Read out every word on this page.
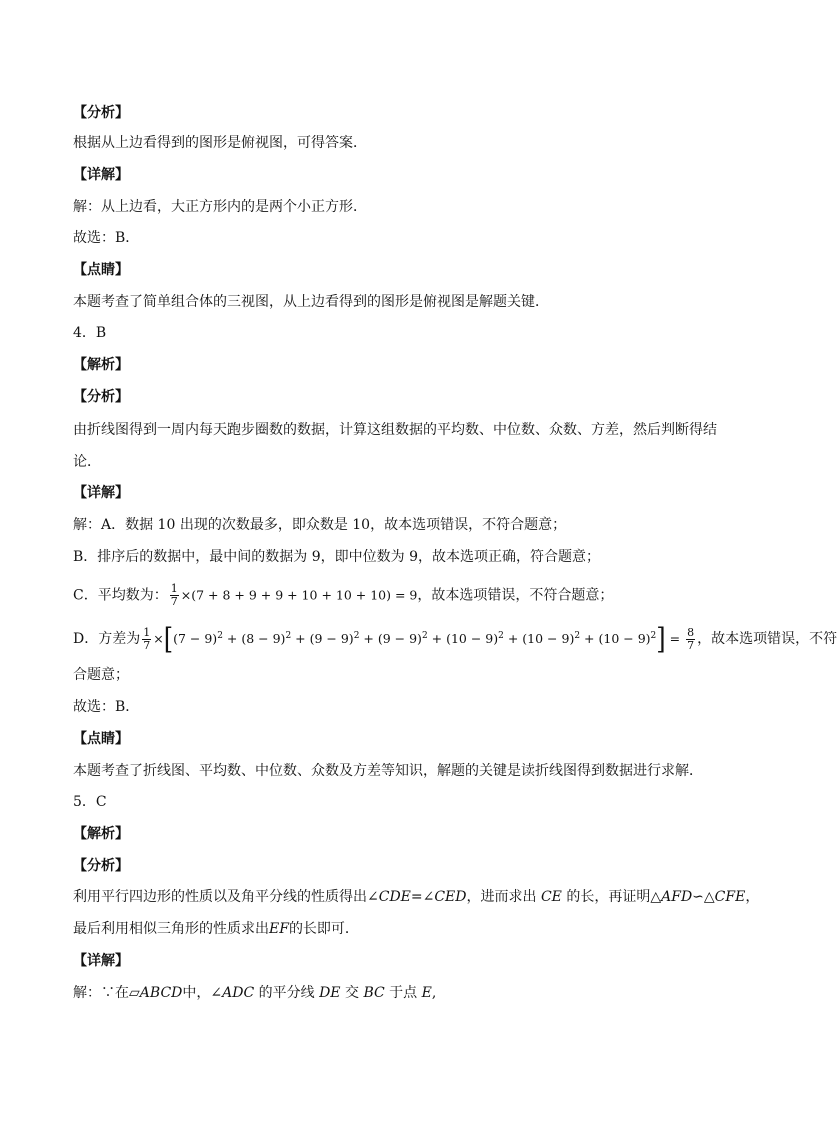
【分析】
根据从上边看得到的图形是俯视图，可得答案．
【详解】
解：从上边看，大正方形内的是两个小正方形．
故选：B．
【点睛】
本题考查了简单组合体的三视图，从上边看得到的图形是俯视图是解题关键．
4．B
【解析】
【分析】
由折线图得到一周内每天跑步圈数的数据，计算这组数据的平均数、中位数、众数、方差，然后判断得结
论．
【详解】
解：A．数据 10 出现的次数最多，即众数是 10，故本选项错误，不符合题意；
B．排序后的数据中，最中间的数据为 9，即中位数为 9，故本选项正确，符合题意；
C．平均数为： $\frac{1}{7} \times(7 + 8 + 9 + 9 + 10 + 10 + 10) = 9$，故本选项错误，不符合题意；
D．方差为 $\frac{1}{7} \times[(7 - 9)^2 + (8 - 9)^2 + (9 - 9)^2 + (9 - 9)^2 + (10 - 9)^2 + (10 - 9)^2 + (10 - 9)^2] = \frac{8}{7}$ ，故本选项错误，不符
合题意；
故选：B．
【点睛】
本题考查了折线图、平均数、中位数、众数及方差等知识，解题的关键是读折线图得到数据进行求解．
5．C
【解析】
【分析】
利用平行四边形的性质以及角平分线的性质得出∠CDE=∠CED，进而求出 CE 的长，再证明△AFD∽△CFE，
最后利用相似三角形的性质求出EF的长即可．
【详解】
解：∵在▱ABCD中，∠ADC 的平分线 DE 交 BC 于点 E,
